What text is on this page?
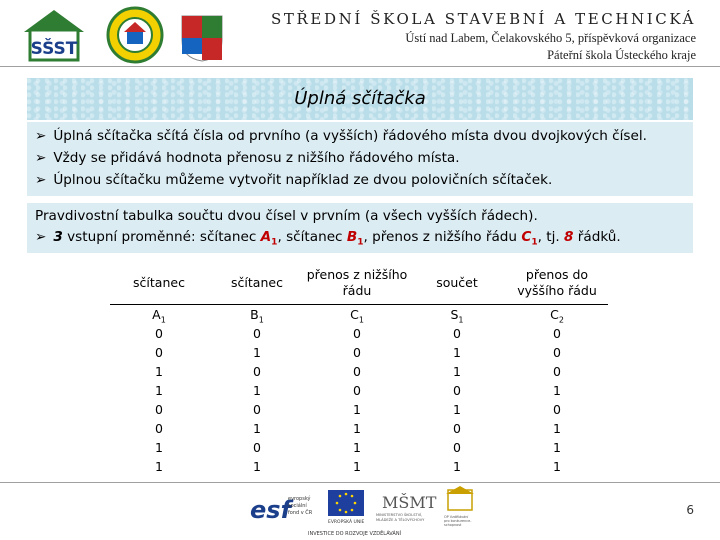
SŠST
STŘEDNÍ ŠKOLA STAVEBNÍ A TECHNICKÁ
Ústí nad Labem, Čelakovského 5, příspěvková organizace
Páteřní škola Ústeckého kraje
Úplná sčítačka
➢ Úplná sčítačka sčítá čísla od prvního (a vyšších) řádového místa dvou dvojkových čísel.
➢ Vždy se přidává hodnota přenosu z nižšího řádového místa.
➢ Úplnou sčítačku můžeme vytvořit například ze dvou polovičních sčítaček.
Pravdivostní tabulka součtu dvou čísel v prvním (a všech vyšších řádech).
➢ 3 vstupní proměnné: sčítanec $A_1$, sčítanec $B_1$, přenos z nižšího řádu $C_1$, tj. 8 řádků.
sčítanec	sčítanec	přenos z nižšího řádu	součet	přenos do vyššího řádu
$A_1$	$B_1$	$C_1$	$S_1$	$C_2$
0	0	0	0	0
0	1	0	1	0
1	0	0	1	0
1	1	0	0	1
0	0	1	1	0
0	1	1	0	1
1	0	1	0	1
1	1	1	1	1
esf
evropský
sociální
fond v ČR
EVROPSKÁ UNIE
MŠMT
MINISTERSTVO ŠKOLSTVÍ,
MLÁDEŽE A TĚLOVÝCHOVY
OP Vzdělávání
pro konkurence-
schopnost
INVESTICE DO ROZVOJE VZDĚLÁVÁNÍ
6
